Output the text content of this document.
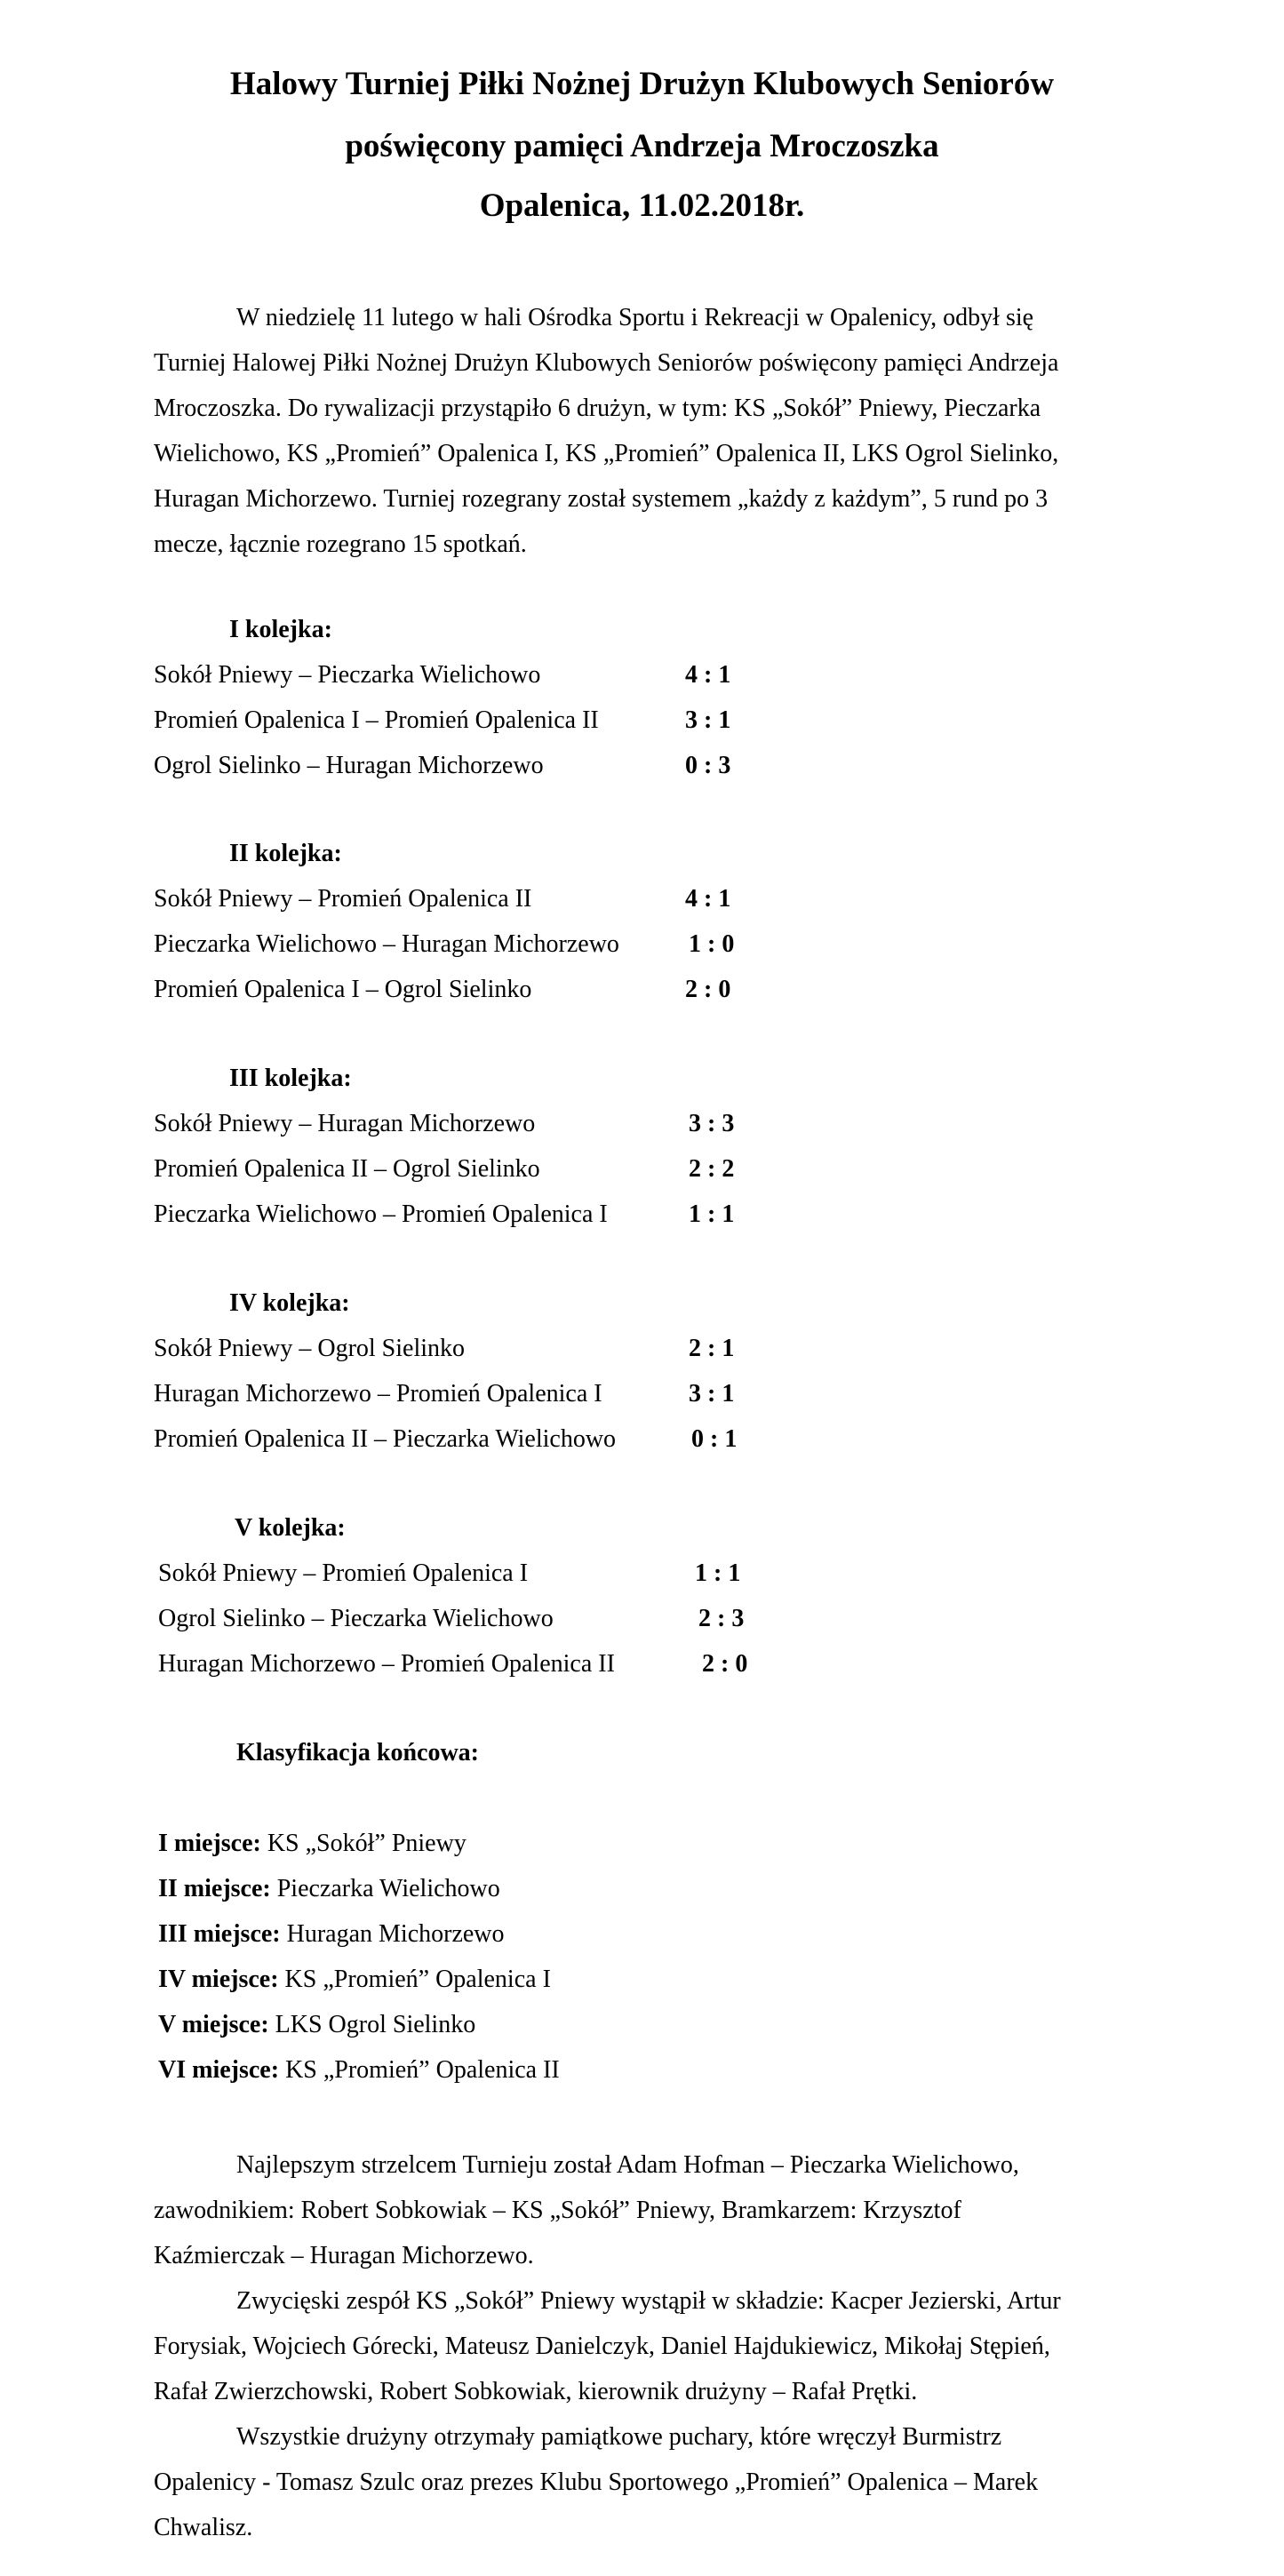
Halowy Turniej Piłki Nożnej Drużyn Klubowych Seniorów
poświęcony pamięci Andrzeja Mroczoszka
Opalenica, 11.02.2018r.
W niedzielę 11 lutego w hali Ośrodka Sportu i Rekreacji w Opalenicy, odbył się
Turniej Halowej Piłki Nożnej Drużyn Klubowych Seniorów poświęcony pamięci Andrzeja
Mroczoszka. Do rywalizacji przystąpiło 6 drużyn, w tym: KS „Sokół” Pniewy, Pieczarka
Wielichowo, KS „Promień” Opalenica I, KS „Promień” Opalenica II, LKS Ogrol Sielinko,
Huragan Michorzewo. Turniej rozegrany został systemem „każdy z każdym”, 5 rund po 3
mecze, łącznie rozegrano 15 spotkań.
I kolejka:
Sokół Pniewy – Pieczarka Wielichowo	4 : 1
Promień Opalenica I – Promień Opalenica II	3 : 1
Ogrol Sielinko – Huragan Michorzewo	0 : 3
II kolejka:
Sokół Pniewy – Promień Opalenica II	4 : 1
Pieczarka Wielichowo – Huragan Michorzewo	1 : 0
Promień Opalenica I – Ogrol Sielinko	2 : 0
III kolejka:
Sokół Pniewy – Huragan Michorzewo	3 : 3
Promień Opalenica II – Ogrol Sielinko	2 : 2
Pieczarka Wielichowo – Promień Opalenica I	1 : 1
IV kolejka:
Sokół Pniewy – Ogrol Sielinko	2 : 1
Huragan Michorzewo – Promień Opalenica I	3 : 1
Promień Opalenica II – Pieczarka Wielichowo	0 : 1
V kolejka:
Sokół Pniewy – Promień Opalenica I	1 : 1
Ogrol Sielinko – Pieczarka Wielichowo	2 : 3
Huragan Michorzewo – Promień Opalenica II	2 : 0
Klasyfikacja końcowa:
I miejsce: KS „Sokół” Pniewy
II miejsce: Pieczarka Wielichowo
III miejsce: Huragan Michorzewo
IV miejsce: KS „Promień” Opalenica I
V miejsce: LKS Ogrol Sielinko
VI miejsce: KS „Promień” Opalenica II
Najlepszym strzelcem Turnieju został Adam Hofman – Pieczarka Wielichowo,
zawodnikiem: Robert Sobkowiak – KS „Sokół” Pniewy, Bramkarzem: Krzysztof
Kaźmierczak – Huragan Michorzewo.
Zwycięski zespół KS „Sokół” Pniewy wystąpił w składzie: Kacper Jezierski, Artur
Forysiak, Wojciech Górecki, Mateusz Danielczyk, Daniel Hajdukiewicz, Mikołaj Stępień,
Rafał Zwierzchowski, Robert Sobkowiak, kierownik drużyny – Rafał Prętki.
Wszystkie drużyny otrzymały pamiątkowe puchary, które wręczył Burmistrz
Opalenicy - Tomasz Szulc oraz prezes Klubu Sportowego „Promień” Opalenica – Marek
Chwalisz.
